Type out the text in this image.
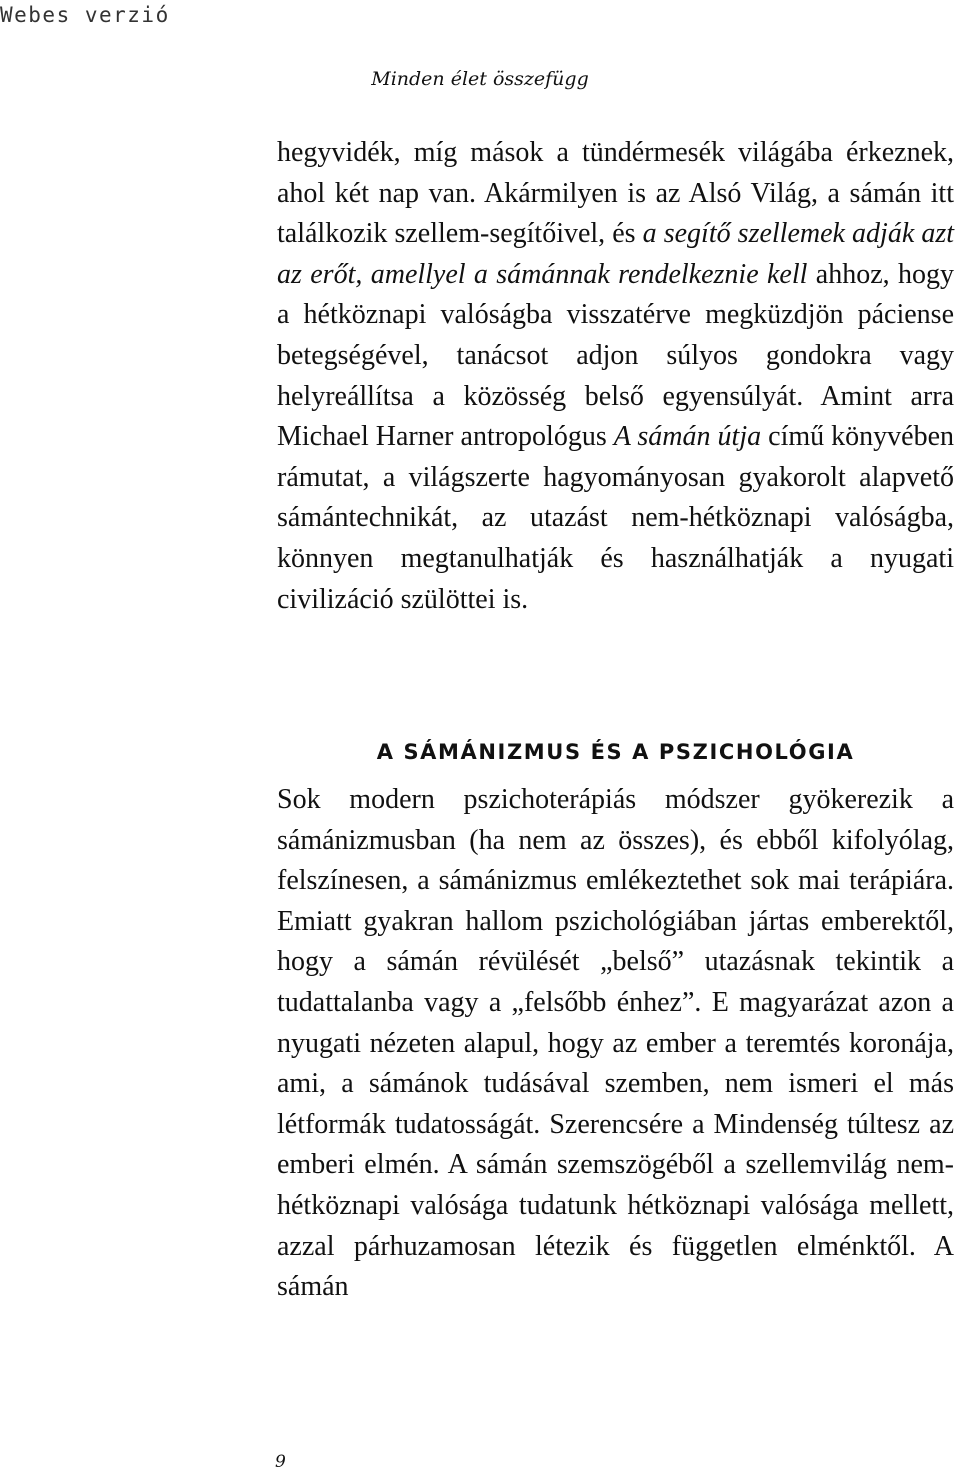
Webes verzió
Minden élet összefügg
hegyvidék, míg mások a tündérmesék világába érkeznek, ahol két nap van. Akármilyen is az Alsó Világ, a sámán itt találkozik szellem-segítőivel, és a segítő szellemek adják azt az erőt, amellyel a sámánnak rendelkeznie kell ahhoz, hogy a hétköznapi valóságba visszatérve megküzdjön páciense betegségével, tanácsot adjon súlyos gondokra vagy helyreállítsa a közösség belső egyensúlyát. Amint arra Michael Harner antropológus A sámán útja című könyvében rámutat, a világszerte hagyományosan gyakorolt alapvető sámántechnikát, az utazást nem-hétköznapi valóságba, könnyen megtanulhatják és használhatják a nyugati civilizáció szülöttei is.
A SÁMÁNIZMUS ÉS A PSZICHOLÓGIA
Sok modern pszichoterápiás módszer gyökerezik a sámánizmusban (ha nem az összes), és ebből kifolyólag, felszínesen, a sámánizmus emlékeztethet sok mai terápiára. Emiatt gyakran hallom pszichológiában jártas emberektől, hogy a sámán révülését „belső” utazásnak tekintik a tudattalanba vagy a „felsőbb énhez”. E magyarázat azon a nyugati nézeten alapul, hogy az ember a teremtés koronája, ami, a sámánok tudásával szemben, nem ismeri el más létformák tudatosságát. Szerencsére a Mindenség túltesz az emberi elmén. A sámán szemszögéből a szellemvilág nem-hétköznapi valósága tudatunk hétköznapi valósága mellett, azzal párhuzamosan létezik és független elménktől. A sámán
9
